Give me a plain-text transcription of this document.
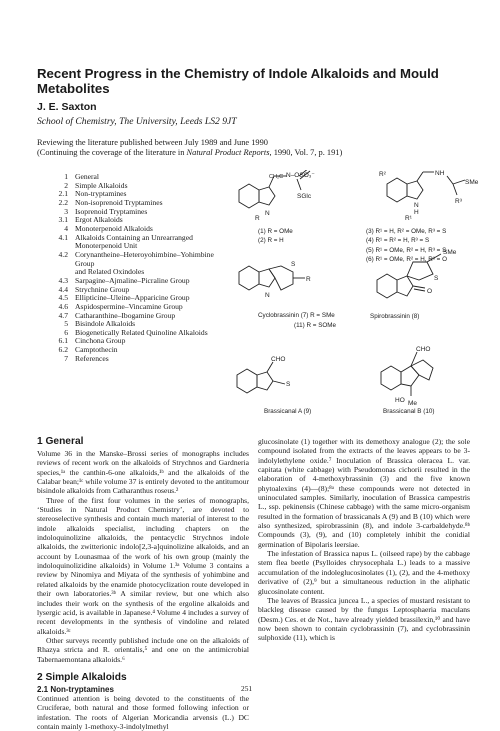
Recent Progress in the Chemistry of Indole Alkaloids and Mould Metabolites
J. E. Saxton
School of Chemistry, The University, Leeds LS2 9JT
Reviewing the literature published between July 1989 and June 1990
(Continuing the coverage of the literature in Natural Product Reports, 1990, Vol. 7, p. 191)
1 General
2 Simple Alkaloids
2.1 Non-tryptamines
2.2 Non-isoprenoid Tryptamines
3 Isoprenoid Tryptamines
3.1 Ergot Alkaloids
4 Monoterpenoid Alkaloids
4.1 Alkaloids Containing an Unrearranged
Monoterpenoid Unit
4.2 Corynantheine–Heteroyohimbine–Yohimbine Group
and Related Oxindoles
4.3 Sarpagine–Ajmaline–Picraline Group
4.4 Strychnine Group
4.5 Ellipticine–Uleine–Apparicine Group
4.6 Aspidospermine–Vincamine Group
4.7 Catharanthine–Ibogamine Group
5 Bisindole Alkaloids
6 Biogenetically Related Quinoline Alkaloids
6.1 Cinchona Group
6.2 Camptothecin
7 References
N–OSO₃⁻
SGlc
CH₂C
N
R
R²	NH
SMe
R³
N
H
R¹
N
S
R
SMe
S
O
CHO
S
CHO
HO Me
(1) R = OMe
(2) R = H
(3) R¹ = H, R² = OMe, R³ = S
(4) R¹ = R² = H, R³ = S
(5) R¹ = OMe, R² = H, R³ = S
(6) R¹ = OMe, R² = H, R³ = O
Cyclobrassinin (7) R = SMe
(11) R = SOMe
Spirobrassinin (8)
Brassicanal A (9)	Brassicanal B (10)
1 General

Volume 36 in the Manske–Brossi series of monographs includes reviews of recent work on the alkaloids of Strychnos and Gardneria species,¹ᵃ the canthin-6-one alkaloids,¹ᵇ and the alkaloids of the Calabar bean;¹ᶜ while volume 37 is entirely devoted to the antitumour bisindole alkaloids from Catharanthus roseus.²

Three of the first four volumes in the series of monographs, ‘Studies in Natural Product Chemistry’, are devoted to stereoselective synthesis and contain much material of interest to the indole alkaloids specialist, including chapters on the indoloquinolizine alkaloids, the pentacyclic Strychnos indole alkaloids, the zwitterionic indolo[2,3-a]quinolizine alkaloids, and an account by Lounasmaa of the work of his own group (mainly the indoloquinolizidine alkaloids) in Volume 1.³ᵃ Volume 3 contains a review by Ninomiya and Miyata of the synthesis of yohimbine and related alkaloids by the enamide photocyclization route developed in their own laboratories.³ᵇ A similar review, but one which also includes their work on the synthesis of the ergoline alkaloids and lysergic acid, is available in Japanese.⁴ Volume 4 includes a survey of recent developments in the synthesis of vindoline and related alkaloids.³ᶜ

Other surveys recently published include one on the alkaloids of Rhazya stricta and R. orientalis,⁵ and one on the antimicrobial Tabernaemontana alkaloids.⁶

2 Simple Alkaloids
2.1 Non-tryptamines

Continued attention is being devoted to the constituents of the Cruciferae, both natural and those formed following infection or infestation. The roots of Algerian Moricandia arvensis (L.) DC contain mainly 1-methoxy-3-indolylmethyl

glucosinolate (1) together with its demethoxy analogue (2); the sole compound isolated from the extracts of the leaves appears to be 3-indolylethylene oxide.⁷ Inoculation of Brassica oleracea L. var. capitata (white cabbage) with Pseudomonas cichorii resulted in the elaboration of 4-methoxybrassinin (3) and the five known phytoalexins (4)—(8);⁸ᵃ these compounds were not detected in uninoculated samples. Similarly, inoculation of Brassica campestris L., ssp. pekinensis (Chinese cabbage) with the same micro-organism resulted in the formation of brassicanals A (9) and B (10) which were also synthesized, spirobrassinin (8), and indole 3-carbaldehyde.⁸ᵇ Compounds (3), (9), and (10) completely inhibit the conidial germination of Bipolaris leersiae.

The infestation of Brassica napus L. (oilseed rape) by the cabbage stem flea beetle (Psylloides chrysocephala L.) leads to a massive accumulation of the indoleglucosinolates (1), (2), and the 4-methoxy derivative of (2),⁹ but a simultaneous reduction in the aliphatic glucosinolate content.

The leaves of Brassica juncea L., a species of mustard resistant to blackleg disease caused by the fungus Leptosphaeria maculans (Desm.) Ces. et de Not., have already yielded brassilexin,¹⁰ and have now been shown to contain cyclobrassinin (7), and cyclobrassinin sulphoxide (11), which is

251
